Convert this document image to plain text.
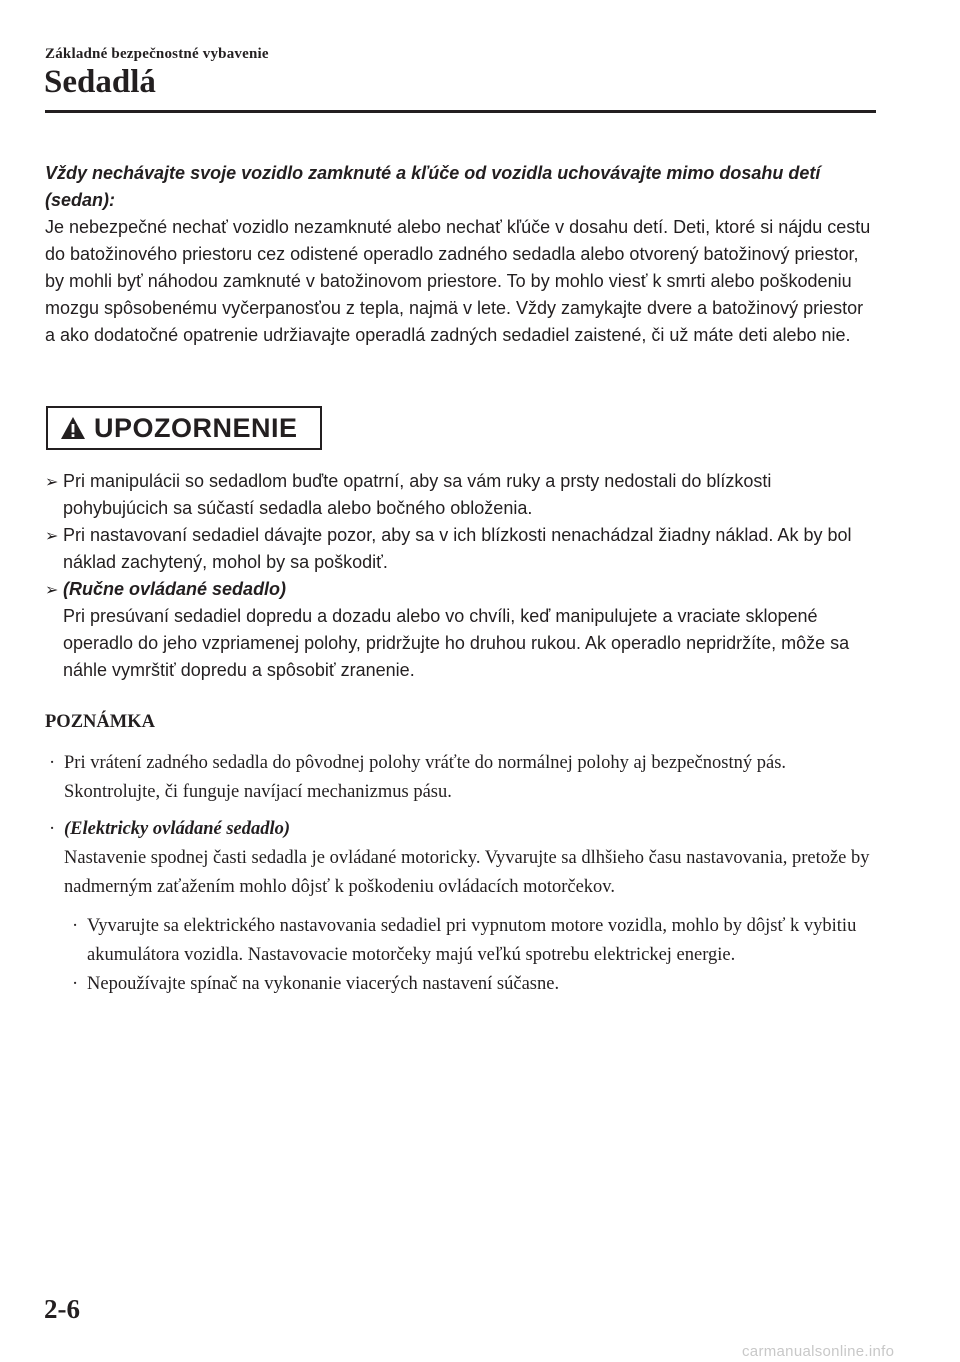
Základné bezpečnostné vybavenie
Sedadlá
Vždy nechávajte svoje vozidlo zamknuté a kľúče od vozidla uchovávajte mimo dosahu detí (sedan):

Je nebezpečné nechať vozidlo nezamknuté alebo nechať kľúče v dosahu detí. Deti, ktoré si nájdu cestu do batožinového priestoru cez odistené operadlo zadného sedadla alebo otvorený batožinový priestor, by mohli byť náhodou zamknuté v batožinovom priestore. To by mohlo viesť k smrti alebo poškodeniu mozgu spôsobenému vyčerpanosťou z tepla, najmä v lete. Vždy zamykajte dvere a batožinový priestor a ako dodatočné opatrenie udržiavajte operadlá zadných sedadiel zaistené, či už máte deti alebo nie.

UPOZORNENIE
➢ Pri manipulácii so sedadlom buďte opatrní, aby sa vám ruky a prsty nedostali do blízkosti pohybujúcich sa súčastí sedadla alebo bočného obloženia.
➢ Pri nastavovaní sedadiel dávajte pozor, aby sa v ich blízkosti nenachádzal žiadny náklad. Ak by bol náklad zachytený, mohol by sa poškodiť.
➢ (Ručne ovládané sedadlo)
Pri presúvaní sedadiel dopredu a dozadu alebo vo chvíli, keď manipulujete a vraciate sklopené operadlo do jeho vzpriamenej polohy, pridržujte ho druhou rukou. Ak operadlo nepridržíte, môže sa náhle vymrštiť dopredu a spôsobiť zranenie.
POZNÁMKA
· Pri vrátení zadného sedadla do pôvodnej polohy vráťte do normálnej polohy aj bezpečnostný pás. Skontrolujte, či funguje navíjací mechanizmus pásu.
· (Elektricky ovládané sedadlo)
Nastavenie spodnej časti sedadla je ovládané motoricky. Vyvarujte sa dlhšieho času nastavovania, pretože by nadmerným zaťažením mohlo dôjsť k poškodeniu ovládacích motorčekov.
· Vyvarujte sa elektrického nastavovania sedadiel pri vypnutom motore vozidla, mohlo by dôjsť k vybitiu akumulátora vozidla. Nastavovacie motorčeky majú veľkú spotrebu elektrickej energie.
· Nepoužívajte spínač na vykonanie viacerých nastavení súčasne.
2-6
carmanualsonline.info
